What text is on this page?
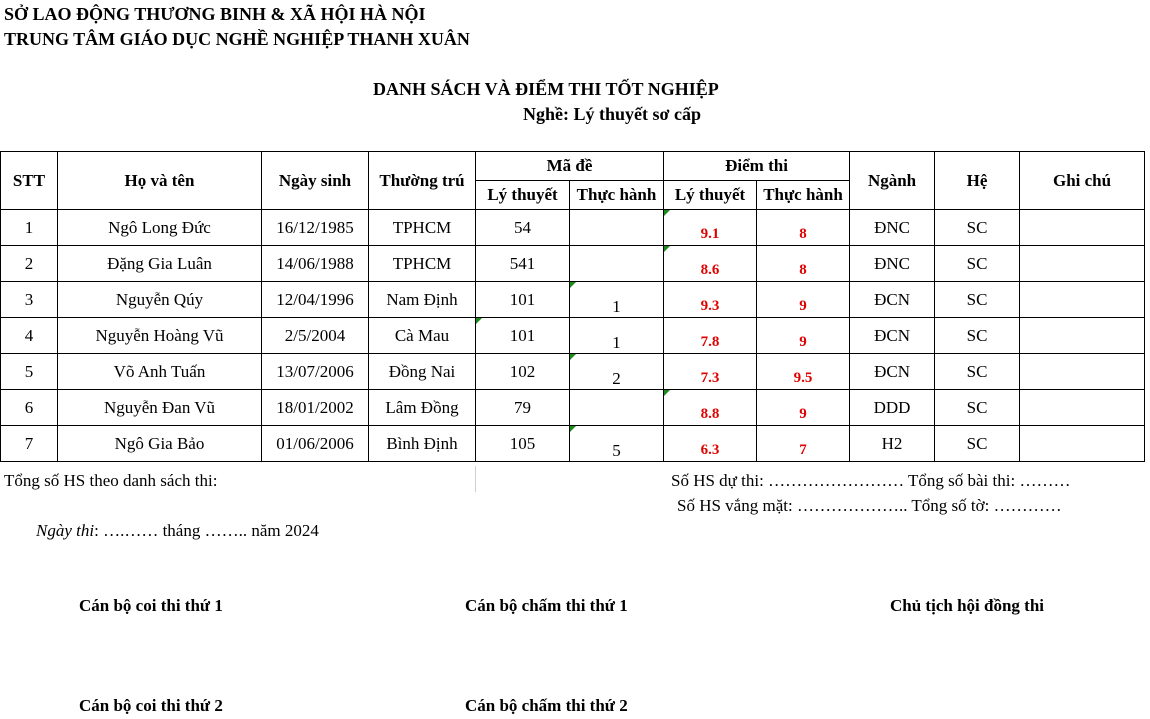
SỞ LAO ĐỘNG THƯƠNG BINH & XÃ HỘI HÀ NỘI
TRUNG TÂM GIÁO DỤC NGHỀ NGHIỆP THANH XUÂN
DANH SÁCH VÀ ĐIỂM THI TỐT NGHIỆP
Nghề: Lý thuyết sơ cấp
STT	Họ và tên	Ngày sinh	Thường trú	Mã đề		Điểm thi		Ngành	Hệ	Ghi chú
				Lý thuyết	Thực hành	Lý thuyết	Thực hành			
1	Ngô Long Đức	16/12/1985	TPHCM	54		9.1	8	ĐNC	SC	
2	Đặng Gia Luân	14/06/1988	TPHCM	541		8.6	8	ĐNC	SC	
3	Nguyễn Qúy	12/04/1996	Nam Định	101	1	9.3	9	ĐCN	SC	
4	Nguyễn Hoàng Vũ	2/5/2004	Cà Mau	101	1	7.8	9	ĐCN	SC	
5	Võ Anh Tuấn	13/07/2006	Đồng Nai	102	2	7.3	9.5	ĐCN	SC	
6	Nguyễn Đan Vũ	18/01/2002	Lâm Đồng	79		8.8	9	DDD	SC	
7	Ngô Gia Bảo	01/06/2006	Bình Định	105	5	6.3	7	H2	SC	
Tổng số HS theo danh sách thi:	Số HS dự thi: …………………… Tổng số bài thi: ………
Số HS vắng mặt: ……………….. Tổng số tờ: …………
Ngày thi: ….…… tháng …….. năm 2024
Cán bộ coi thi thứ 1	Cán bộ chấm thi thứ 1	Chủ tịch hội đồng thi
Cán bộ coi thi thứ 2	Cán bộ chấm thi thứ 2
